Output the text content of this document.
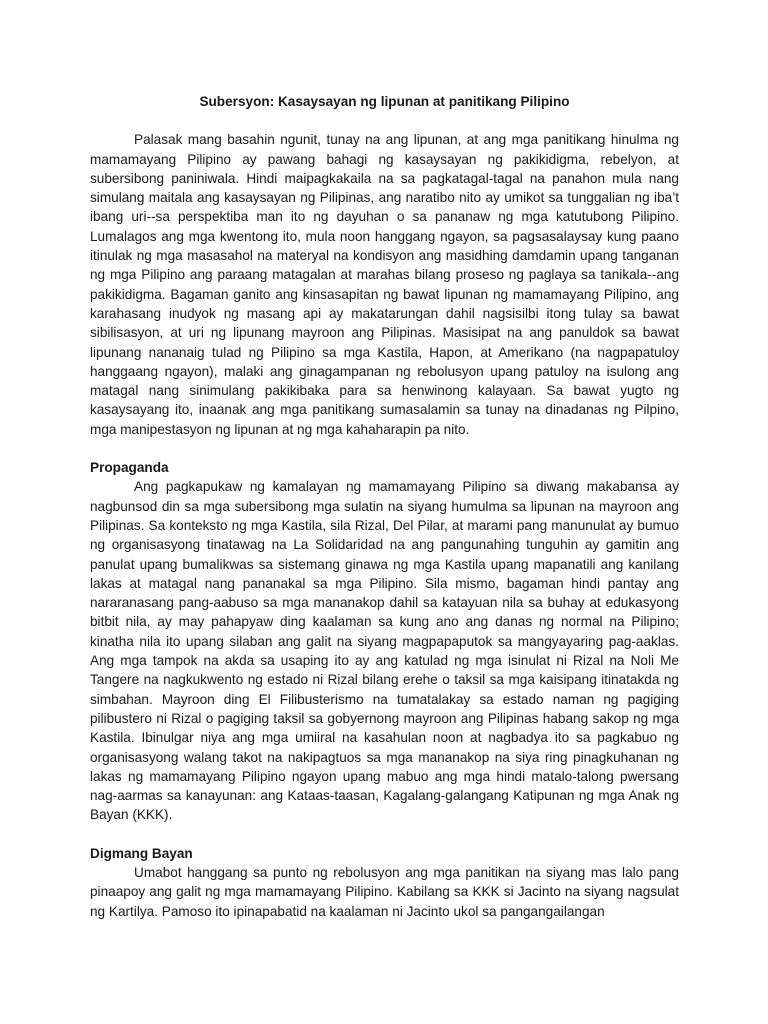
Subersyon: Kasaysayan ng lipunan at panitikang Pilipino

Palasak mang basahin ngunit, tunay na ang lipunan, at ang mga panitikang hinulma ng mamamayang Pilipino ay pawang bahagi ng kasaysayan ng pakikidigma, rebelyon, at subersibong paniniwala. Hindi maipagkakaila na sa pagkatagal-tagal na panahon mula nang simulang maitala ang kasaysayan ng Pilipinas, ang naratibo nito ay umikot sa tunggalian ng iba’t ibang uri--sa perspektiba man ito ng dayuhan o sa pananaw ng mga katutubong Pilipino. Lumalagos ang mga kwentong ito, mula noon hanggang ngayon, sa pagsasalaysay kung paano itinulak ng mga masasahol na materyal na kondisyon ang masidhing damdamin upang tanganan ng mga Pilipino ang paraang matagalan at marahas bilang proseso ng paglaya sa tanikala--ang pakikidigma. Bagaman ganito ang kinsasapitan ng bawat lipunan ng mamamayang Pilipino, ang karahasang inudyok ng masang api ay makatarungan dahil nagsisilbi itong tulay sa bawat sibilisasyon, at uri ng lipunang mayroon ang Pilipinas. Masisipat na ang panuldok sa bawat lipunang nananaig tulad ng Pilipino sa mga Kastila, Hapon, at Amerikano (na nagpapatuloy hanggaang ngayon), malaki ang ginagampanan ng rebolusyon upang patuloy na isulong ang matagal nang sinimulang pakikibaka para sa henwinong kalayaan. Sa bawat yugto ng kasaysayang ito, inaanak ang mga panitikang sumasalamin sa tunay na dinadanas ng Pilpino, mga manipestasyon ng lipunan at ng mga kahaharapin pa nito.

Propaganda

Ang pagkapukaw ng kamalayan ng mamamayang Pilipino sa diwang makabansa ay nagbunsod din sa mga subersibong mga sulatin na siyang humulma sa lipunan na mayroon ang Pilipinas. Sa konteksto ng mga Kastila, sila Rizal, Del Pilar, at marami pang manunulat ay bumuo ng organisasyong tinatawag na La Solidaridad na ang pangunahing tunguhin ay gamitin ang panulat upang bumalikwas sa sistemang ginawa ng mga Kastila upang mapanatili ang kanilang lakas at matagal nang pananakal sa mga Pilipino. Sila mismo, bagaman hindi pantay ang nararanasang pang-aabuso sa mga mananakop dahil sa katayuan nila sa buhay at edukasyong bitbit nila, ay may pahapyaw ding kaalaman sa kung ano ang danas ng normal na Pilipino; kinatha nila ito upang silaban ang galit na siyang magpapaputok sa mangyayaring pag-aaklas. Ang mga tampok na akda sa usaping ito ay ang katulad ng mga isinulat ni Rizal na Noli Me Tangere na nagkukwento ng estado ni Rizal bilang erehe o taksil sa mga kaisipang itinatakda ng simbahan. Mayroon ding El Filibusterismo na tumatalakay sa estado naman ng pagiging pilibustero ni Rizal o pagiging taksil sa gobyernong mayroon ang Pilipinas habang sakop ng mga Kastila. Ibinulgar niya ang mga umiiral na kasahulan noon at nagbadya ito sa pagkabuo ng organisasyong walang takot na nakipagtuos sa mga mananakop na siya ring pinagkuhanan ng lakas ng mamamayang Pilipino ngayon upang mabuo ang mga hindi matalo-talong pwersang nag-aarmas sa kanayunan: ang Kataas-taasan, Kagalang-galangang Katipunan ng mga Anak ng Bayan (KKK).

Digmang Bayan

Umabot hanggang sa punto ng rebolusyon ang mga panitikan na siyang mas lalo pang pinaapoy ang galit ng mga mamamayang Pilipino. Kabilang sa KKK si Jacinto na siyang nagsulat ng Kartilya. Pamoso ito ipinapabatid na kaalaman ni Jacinto ukol sa pangangailangan
